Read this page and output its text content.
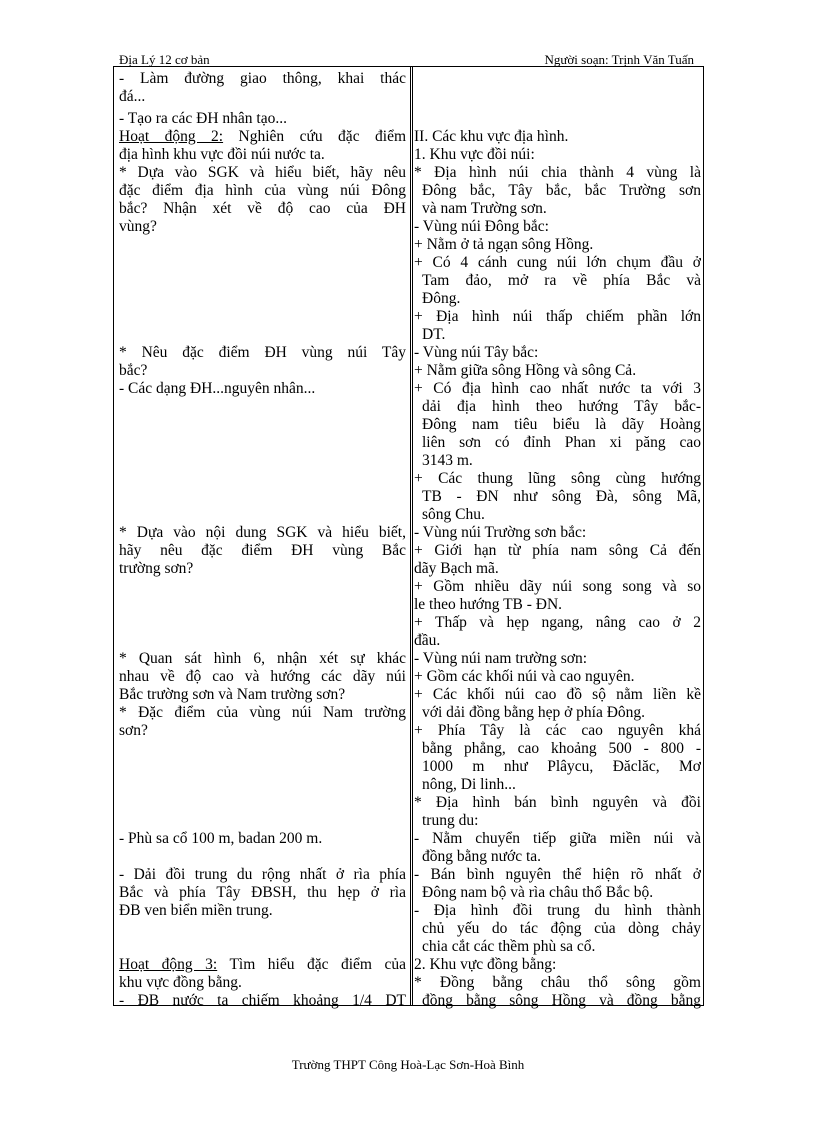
Địa Lý 12 cơ bản	Người soạn: Trịnh Văn Tuấn
- Làm đường giao thông, khai thác
đá...
- Tạo ra các ĐH nhân tạo...
Hoạt động 2: Nghiên cứu đặc điểm
địa hình khu vực đồi núi nước ta.
* Dựa vào SGK và hiểu biết, hãy nêu
đặc điểm địa hình của vùng núi Đông
bắc? Nhận xét về độ cao của ĐH
vùng?
* Nêu đặc điểm ĐH vùng núi Tây
bắc?
- Các dạng ĐH...nguyên nhân...
* Dựa vào nội dung SGK và hiểu biết,
hãy nêu đặc điểm ĐH vùng Bắc
trường sơn?
* Quan sát hình 6, nhận xét sự khác
nhau về độ cao và hướng các dãy núi
Bắc trường sơn và Nam trường sơn?
* Đặc điểm của vùng núi Nam trường
sơn?
- Phù sa cổ 100 m, badan 200 m.
- Dải đồi trung du rộng nhất ở rìa phía
Bắc và phía Tây ĐBSH, thu hẹp ở rìa
ĐB ven biển miền trung.
Hoạt động 3: Tìm hiểu đặc điểm của
khu vực đồng bằng.
- ĐB nước ta chiếm khoảng 1/4 DT
II. Các khu vực địa hình.
1. Khu vực đồi núi:
* Địa hình núi chia thành 4 vùng là
Đông bắc, Tây bắc, bắc Trường sơn
và nam Trường sơn.
- Vùng núi Đông bắc:
+ Nằm ở tả ngạn sông Hồng.
+ Có 4 cánh cung núi lớn chụm đầu ở
Tam đảo, mở ra về phía Bắc và
Đông.
+ Địa hình núi thấp chiếm phần lớn
DT.
- Vùng núi Tây bắc:
+ Nằm giữa sông Hồng và sông Cả.
+ Có địa hình cao nhất nước ta với 3
dải địa hình theo hướng Tây bắc-
Đông nam tiêu biểu là dãy Hoàng
liên sơn có đỉnh Phan xi păng cao
3143 m.
+ Các thung lũng sông cùng hướng
TB - ĐN như sông Đà, sông Mã,
sông Chu.
- Vùng núi Trường sơn bắc:
+ Giới hạn từ phía nam sông Cả đến
dãy Bạch mã.
+ Gồm nhiều dãy núi song song và so
le theo hướng TB - ĐN.
+ Thấp và hẹp ngang, nâng cao ở 2
đầu.
- Vùng núi nam trường sơn:
+ Gồm các khối núi và cao nguyên.
+ Các khối núi cao đồ sộ nằm liền kề
với dải đồng bằng hẹp ở phía Đông.
+ Phía Tây là các cao nguyên khá
bằng phẳng, cao khoảng 500 - 800 -
1000 m như Plâycu, Đăclăc, Mơ
nông, Di linh...
* Địa hình bán bình nguyên và đồi
trung du:
- Nằm chuyển tiếp giữa miền núi và
đồng bằng nước ta.
- Bán bình nguyên thể hiện rõ nhất ở
Đông nam bộ và rìa châu thổ Bắc bộ.
- Địa hình đồi trung du hình thành
chủ yếu do tác động của dòng chảy
chia cắt các thềm phù sa cổ.
2. Khu vực đồng bằng:
* Đồng bằng châu thổ sông gồm
đồng bằng sông Hồng và đồng bằng
Trường THPT Công Hoà-Lạc Sơn-Hoà Bình
